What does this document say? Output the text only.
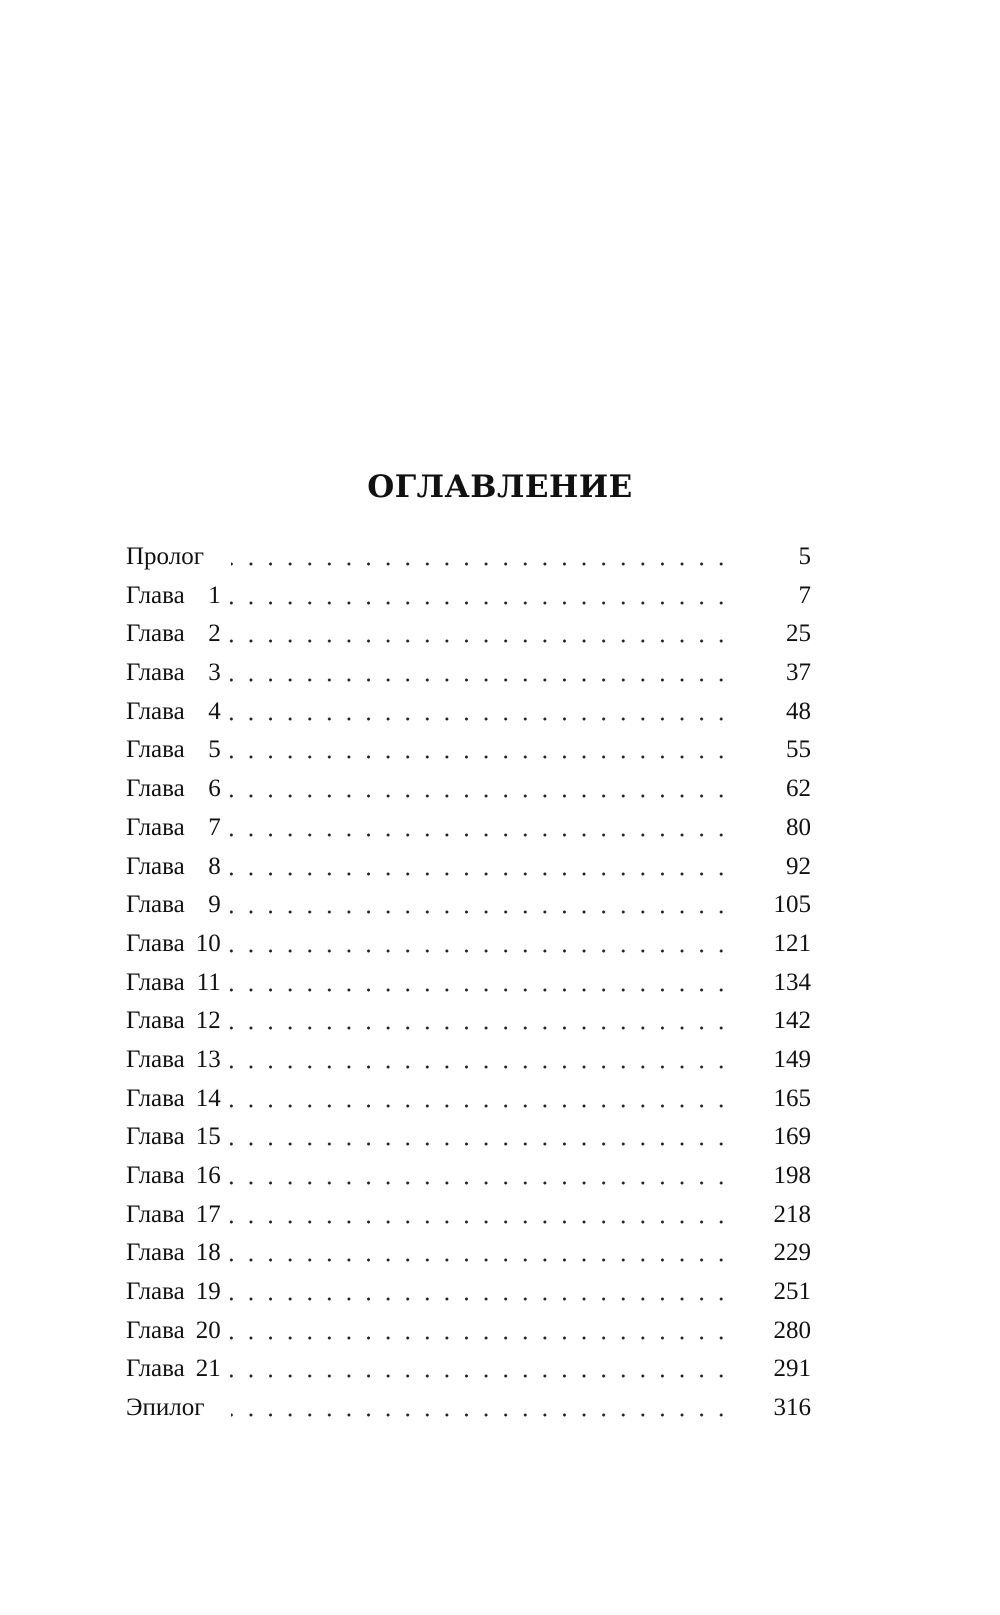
ОГЛАВЛЕНИЕ
Пролог	5
Глава 1	7
Глава 2	25
Глава 3	37
Глава 4	48
Глава 5	55
Глава 6	62
Глава 7	80
Глава 8	92
Глава 9	105
Глава 10	121
Глава 11	134
Глава 12	142
Глава 13	149
Глава 14	165
Глава 15	169
Глава 16	198
Глава 17	218
Глава 18	229
Глава 19	251
Глава 20	280
Глава 21	291
Эпилог	316
